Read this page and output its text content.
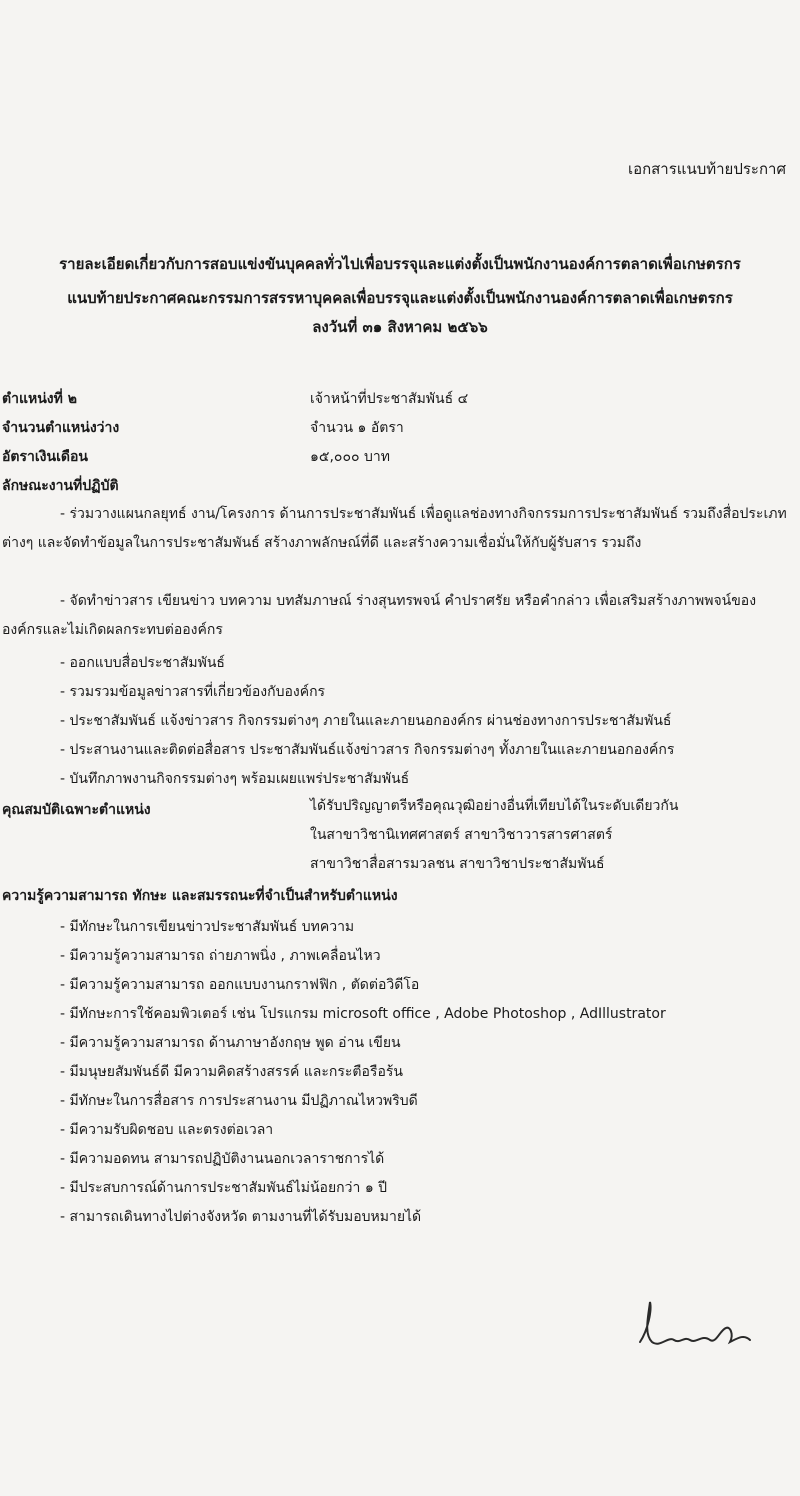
เอกสารแนบท้ายประกาศ
รายละเอียดเกี่ยวกับการสอบแข่งขันบุคคลทั่วไปเพื่อบรรจุและแต่งตั้งเป็นพนักงานองค์การตลาดเพื่อเกษตรกร
แนบท้ายประกาศคณะกรรมการสรรหาบุคคลเพื่อบรรจุและแต่งตั้งเป็นพนักงานองค์การตลาดเพื่อเกษตรกร
ลงวันที่ ๓๑ สิงหาคม ๒๕๖๖
ตำแหน่งที่ ๒	เจ้าหน้าที่ประชาสัมพันธ์ ๔
จำนวนตำแหน่งว่าง	จำนวน ๑ อัตรา
อัตราเงินเดือน	๑๕,๐๐๐ บาท
ลักษณะงานที่ปฏิบัติ
- ร่วมวางแผนกลยุทธ์ งาน/โครงการ ด้านการประชาสัมพันธ์ เพื่อดูแลช่องทางกิจกรรมการประชาสัมพันธ์ รวมถึงสื่อประเภทต่างๆ และจัดทำข้อมูลในการประชาสัมพันธ์ สร้างภาพลักษณ์ที่ดี และสร้างความเชื่อมั่นให้กับผู้รับสาร รวมถึง
- จัดทำข่าวสาร เขียนข่าว บทความ บทสัมภาษณ์ ร่างสุนทรพจน์ คำปราศรัย หรือคำกล่าว เพื่อเสริมสร้างภาพพจน์ขององค์กรและไม่เกิดผลกระทบต่อองค์กร
- ออกแบบสื่อประชาสัมพันธ์
- รวมรวมข้อมูลข่าวสารที่เกี่ยวข้องกับองค์กร
- ประชาสัมพันธ์ แจ้งข่าวสาร กิจกรรมต่างๆ ภายในและภายนอกองค์กร ผ่านช่องทางการประชาสัมพันธ์
- ประสานงานและติดต่อสื่อสาร ประชาสัมพันธ์แจ้งข่าวสาร กิจกรรมต่างๆ ทั้งภายในและภายนอกองค์กร
- บันทึกภาพงานกิจกรรมต่างๆ พร้อมเผยแพร่ประชาสัมพันธ์
คุณสมบัติเฉพาะตำแหน่ง	ได้รับปริญญาตรีหรือคุณวุฒิอย่างอื่นที่เทียบได้ในระดับเดียวกัน
ในสาขาวิชานิเทศศาสตร์ สาขาวิชาวารสารศาสตร์
สาขาวิชาสื่อสารมวลชน สาขาวิชาประชาสัมพันธ์
ความรู้ความสามารถ ทักษะ และสมรรถนะที่จำเป็นสำหรับตำแหน่ง
- มีทักษะในการเขียนข่าวประชาสัมพันธ์ บทความ
- มีความรู้ความสามารถ ถ่ายภาพนิ่ง , ภาพเคลื่อนไหว
- มีความรู้ความสามารถ ออกแบบงานกราฟฟิก , ตัดต่อวิดีโอ
- มีทักษะการใช้คอมพิวเตอร์ เช่น โปรแกรม microsoft office , Adobe Photoshop , AdIllustrator
- มีความรู้ความสามารถ ด้านภาษาอังกฤษ พูด อ่าน เขียน
- มีมนุษยสัมพันธ์ดี มีความคิดสร้างสรรค์ และกระตือรือร้น
- มีทักษะในการสื่อสาร การประสานงาน มีปฏิภาณไหวพริบดี
- มีความรับผิดชอบ และตรงต่อเวลา
- มีความอดทน สามารถปฏิบัติงานนอกเวลาราชการได้
- มีประสบการณ์ด้านการประชาสัมพันธ์ไม่น้อยกว่า ๑ ปี
- สามารถเดินทางไปต่างจังหวัด ตามงานที่ได้รับมอบหมายได้
